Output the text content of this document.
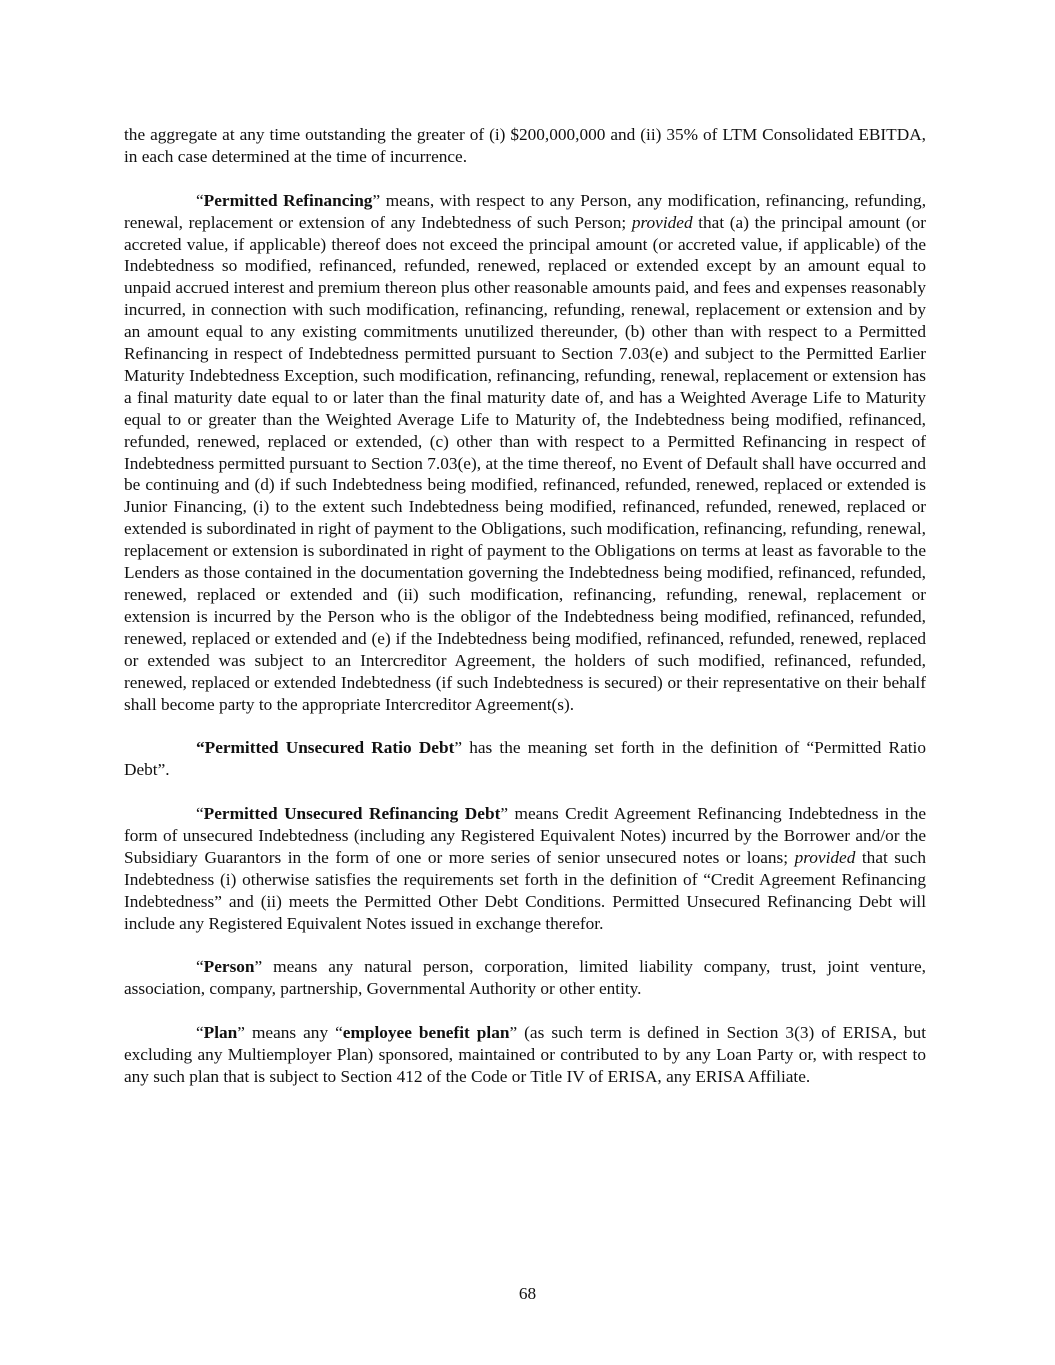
the aggregate at any time outstanding the greater of (i) $200,000,000 and (ii) 35% of LTM Consolidated EBITDA, in each case determined at the time of incurrence.

“Permitted Refinancing” means, with respect to any Person, any modification, refinancing, refunding, renewal, replacement or extension of any Indebtedness of such Person; provided that (a) the principal amount (or accreted value, if applicable) thereof does not exceed the principal amount (or accreted value, if applicable) of the Indebtedness so modified, refinanced, refunded, renewed, replaced or extended except by an amount equal to unpaid accrued interest and premium thereon plus other reasonable amounts paid, and fees and expenses reasonably incurred, in connection with such modification, refinancing, refunding, renewal, replacement or extension and by an amount equal to any existing commitments unutilized thereunder, (b) other than with respect to a Permitted Refinancing in respect of Indebtedness permitted pursuant to Section 7.03(e) and subject to the Permitted Earlier Maturity Indebtedness Exception, such modification, refinancing, refunding, renewal, replacement or extension has a final maturity date equal to or later than the final maturity date of, and has a Weighted Average Life to Maturity equal to or greater than the Weighted Average Life to Maturity of, the Indebtedness being modified, refinanced, refunded, renewed, replaced or extended, (c) other than with respect to a Permitted Refinancing in respect of Indebtedness permitted pursuant to Section 7.03(e), at the time thereof, no Event of Default shall have occurred and be continuing and (d) if such Indebtedness being modified, refinanced, refunded, renewed, replaced or extended is Junior Financing, (i) to the extent such Indebtedness being modified, refinanced, refunded, renewed, replaced or extended is subordinated in right of payment to the Obligations, such modification, refinancing, refunding, renewal, replacement or extension is subordinated in right of payment to the Obligations on terms at least as favorable to the Lenders as those contained in the documentation governing the Indebtedness being modified, refinanced, refunded, renewed, replaced or extended and (ii) such modification, refinancing, refunding, renewal, replacement or extension is incurred by the Person who is the obligor of the Indebtedness being modified, refinanced, refunded, renewed, replaced or extended and (e) if the Indebtedness being modified, refinanced, refunded, renewed, replaced or extended was subject to an Intercreditor Agreement, the holders of such modified, refinanced, refunded, renewed, replaced or extended Indebtedness (if such Indebtedness is secured) or their representative on their behalf shall become party to the appropriate Intercreditor Agreement(s).

“Permitted Unsecured Ratio Debt” has the meaning set forth in the definition of “Permitted Ratio Debt”.

“Permitted Unsecured Refinancing Debt” means Credit Agreement Refinancing Indebtedness in the form of unsecured Indebtedness (including any Registered Equivalent Notes) incurred by the Borrower and/or the Subsidiary Guarantors in the form of one or more series of senior unsecured notes or loans; provided that such Indebtedness (i) otherwise satisfies the requirements set forth in the definition of “Credit Agreement Refinancing Indebtedness” and (ii) meets the Permitted Other Debt Conditions. Permitted Unsecured Refinancing Debt will include any Registered Equivalent Notes issued in exchange therefor.

“Person” means any natural person, corporation, limited liability company, trust, joint venture, association, company, partnership, Governmental Authority or other entity.

“Plan” means any “employee benefit plan” (as such term is defined in Section 3(3) of ERISA, but excluding any Multiemployer Plan) sponsored, maintained or contributed to by any Loan Party or, with respect to any such plan that is subject to Section 412 of the Code or Title IV of ERISA, any ERISA Affiliate.

68
